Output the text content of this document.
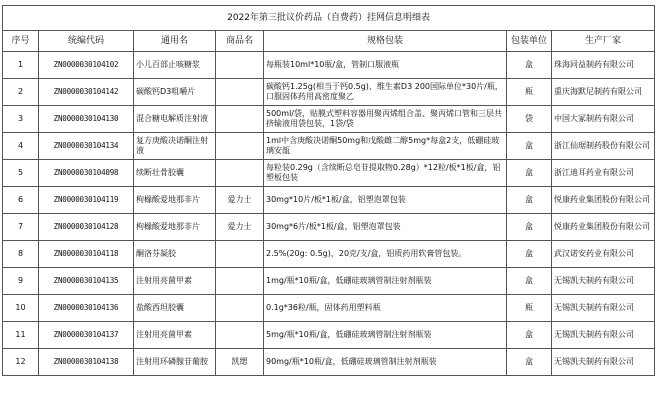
2022年第三批议价药品（自费药）挂网信息明细表						
序号	统编代码	通用名	商品名	规格包装	包装单位	生产厂家
1	ZN0000030104102	小儿百部止咳糖浆		每瓶装10ml*10瓶/盒，管制口服液瓶	盒	珠海同益制药有限公司
2	ZN0000030104142	碳酸钙D3咀嚼片		碳酸钙1.25g(相当于钙0.5g)、维生素D3 200国际单位*30片/瓶，口服固体药用高密度聚乙	瓶	重庆海默尼制药有限公司
3	ZN0000030104130	混合糖电解质注射液		500ml/袋，贴膜式塑料容器用聚丙烯组合盖、聚丙烯口管和三层共挤输液用袋包装，1袋/袋	袋	中国大冢制药有限公司
4	ZN0000030104134	复方庚酸决诺酮注射液		1ml中含庚酸决诺酮50mg和戊酸雌二醇5mg*每盒2支，低硼硅玻璃安瓿	盒	浙江仙琚制药股份有限公司
5	ZN0000030104098	续断壮骨胶囊		每粒装0.29g（含续断总皂苷提取物0.28g）*12粒/板*1板/盒，铝塑板包装	盒	浙江迪耳药业有限公司
6	ZN0000030104119	枸橼酸爱地那非片	爱力士	30mg*10片/板*1板/盒，铝塑泡罩包装	盒	悦康药业集团股份有限公司
7	ZN0000030104128	枸橼酸爱地那非片	爱力士	30mg*6片/板*1板/盒，铝塑泡罩包装	盒	悦康药业集团股份有限公司
8	ZN0000030104118	酮洛芬凝胶		2.5%(20g: 0.5g)，20克/支/盒，铝质药用软膏管包装。	盒	武汉诺安药业有限公司
9	ZN0000030104135	注射用亮菌甲素		1mg/瓶*10瓶/盒，低硼硅玻璃管制注射剂瓶装	盒	无锡凯夫制药有限公司
10	ZN0000030104136	盐酸西坦胶囊		0.1g*36粒/瓶，固体药用塑料瓶	瓶	无锡凯夫制药有限公司
11	ZN0000030104137	注射用亮菌甲素		5mg/瓶*10瓶/盒，低硼硅玻璃管制注射剂瓶装	盒	无锡凯夫制药有限公司
12	ZN0000030104138	注射用环磷腺苷葡胺	凯缌	90mg/瓶*10瓶/盒，低硼硅玻璃管制注射剂瓶装	盒	无锡凯夫制药有限公司
